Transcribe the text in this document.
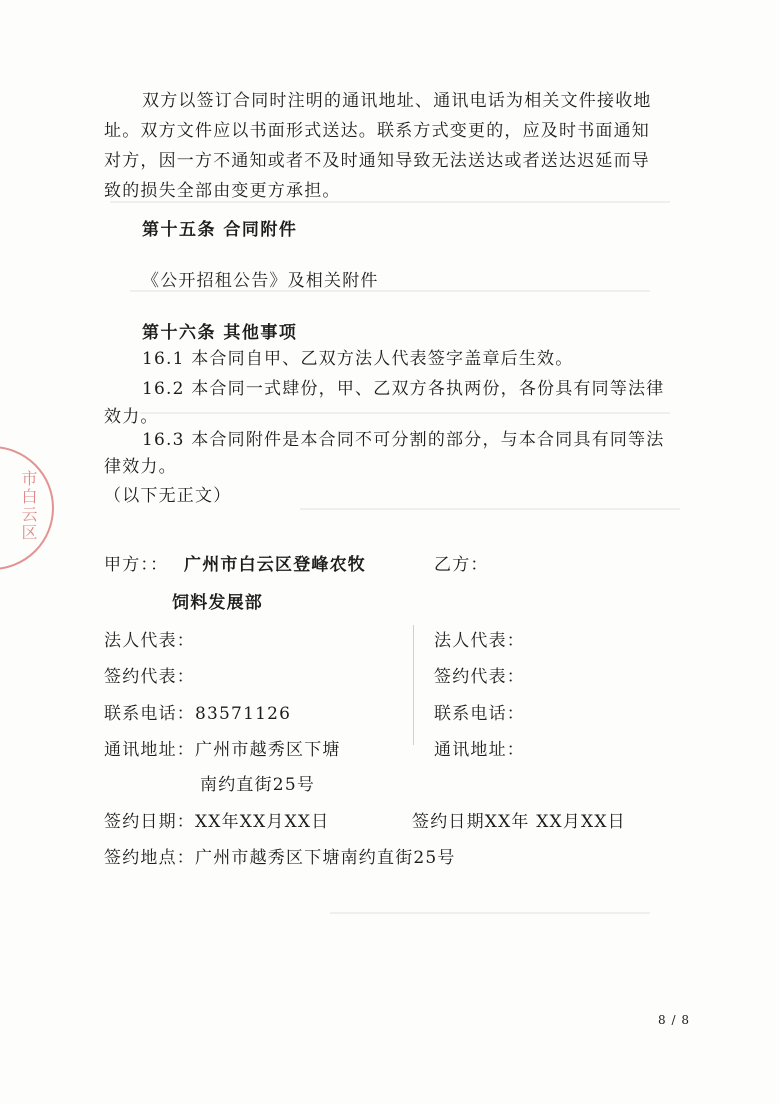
市白云区
双方以签订合同时注明的通讯地址、通讯电话为相关文件接收地
址。双方文件应以书面形式送达。联系方式变更的，应及时书面通知
对方，因一方不通知或者不及时通知导致无法送达或者送达迟延而导
致的损失全部由变更方承担。
第十五条 合同附件
《公开招租公告》及相关附件
第十六条 其他事项
16.1 本合同自甲、乙双方法人代表签字盖章后生效。
16.2 本合同一式肆份，甲、乙双方各执两份，各份具有同等法律
效力。
16.3 本合同附件是本合同不可分割的部分，与本合同具有同等法
律效力。
（以下无正文）
甲方：： 广州市白云区登峰农牧
饲料发展部
乙方：
法人代表：	法人代表：
签约代表：	签约代表：
联系电话：83571126	联系电话：
通讯地址：广州市越秀区下塘	通讯地址：
南约直街25号
签约日期：XX年XX月XX日	签约日期XX年 XX月XX日
签约地点：广州市越秀区下塘南约直街25号
8 / 8
